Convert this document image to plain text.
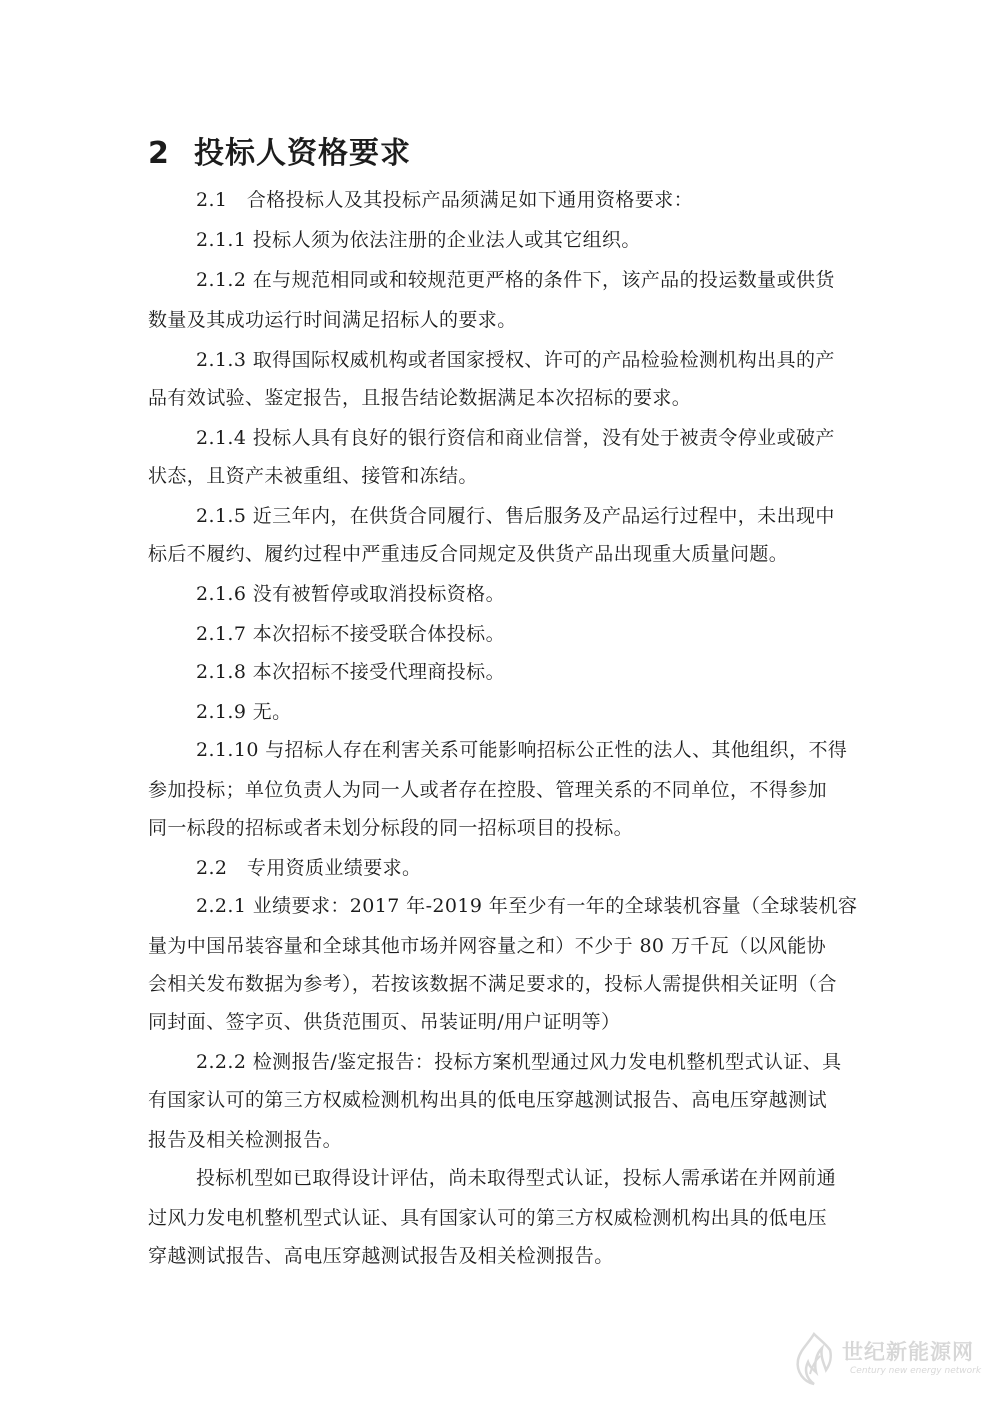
2 投标人资格要求
2.1　合格投标人及其投标产品须满足如下通用资格要求：
2.1.1 投标人须为依法注册的企业法人或其它组织。
2.1.2 在与规范相同或和较规范更严格的条件下，该产品的投运数量或供货
数量及其成功运行时间满足招标人的要求。
2.1.3 取得国际权威机构或者国家授权、许可的产品检验检测机构出具的产
品有效试验、鉴定报告，且报告结论数据满足本次招标的要求。
2.1.4 投标人具有良好的银行资信和商业信誉，没有处于被责令停业或破产
状态，且资产未被重组、接管和冻结。
2.1.5 近三年内，在供货合同履行、售后服务及产品运行过程中，未出现中
标后不履约、履约过程中严重违反合同规定及供货产品出现重大质量问题。
2.1.6 没有被暂停或取消投标资格。
2.1.7 本次招标不接受联合体投标。
2.1.8 本次招标不接受代理商投标。
2.1.9 无。
2.1.10 与招标人存在利害关系可能影响招标公正性的法人、其他组织，不得
参加投标；单位负责人为同一人或者存在控股、管理关系的不同单位，不得参加
同一标段的招标或者未划分标段的同一招标项目的投标。
2.2　专用资质业绩要求。
2.2.1 业绩要求：2017 年-2019 年至少有一年的全球装机容量（全球装机容
量为中国吊装容量和全球其他市场并网容量之和）不少于 80 万千瓦（以风能协
会相关发布数据为参考），若按该数据不满足要求的，投标人需提供相关证明（合
同封面、签字页、供货范围页、吊装证明/用户证明等）
2.2.2 检测报告/鉴定报告：投标方案机型通过风力发电机整机型式认证、具
有国家认可的第三方权威检测机构出具的低电压穿越测试报告、高电压穿越测试
报告及相关检测报告。
投标机型如已取得设计评估，尚未取得型式认证，投标人需承诺在并网前通
过风力发电机整机型式认证、具有国家认可的第三方权威检测机构出具的低电压
穿越测试报告、高电压穿越测试报告及相关检测报告。
世纪新能源网
Century new energy network
